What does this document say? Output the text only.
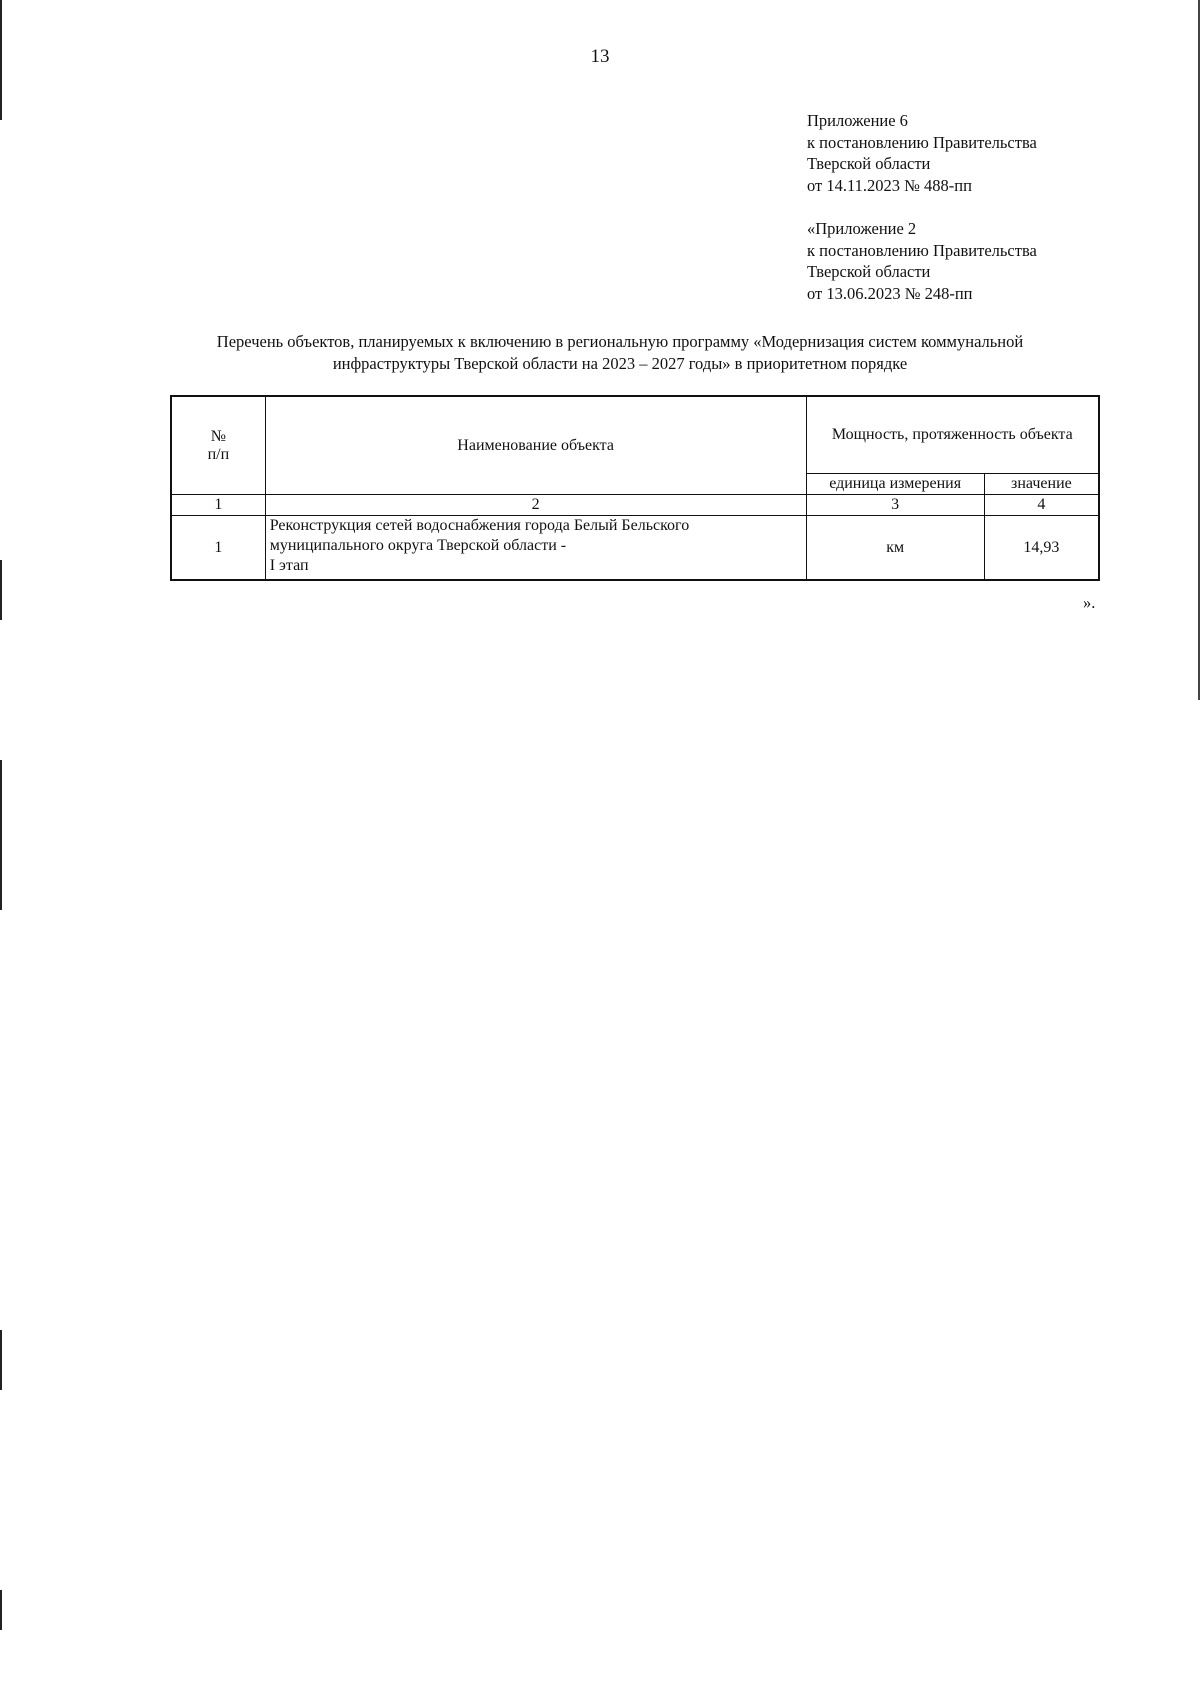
13
Приложение 6
к постановлению Правительства
Тверской области
от 14.11.2023 № 488-пп
«Приложение 2
к постановлению Правительства
Тверской области
от 13.06.2023 № 248-пп
Перечень объектов, планируемых к включению в региональную программу «Модернизация систем коммунальной
инфраструктуры Тверской области на 2023 – 2027 годы» в приоритетном порядке
№
п/п	Наименование объекта	Мощность, протяженность объекта	
		единица измерения	значение
1	2	3	4
1	Реконструкция сетей водоснабжения города Белый Бельского
муниципального округа Тверской области -
I этап	км	14,93
».
